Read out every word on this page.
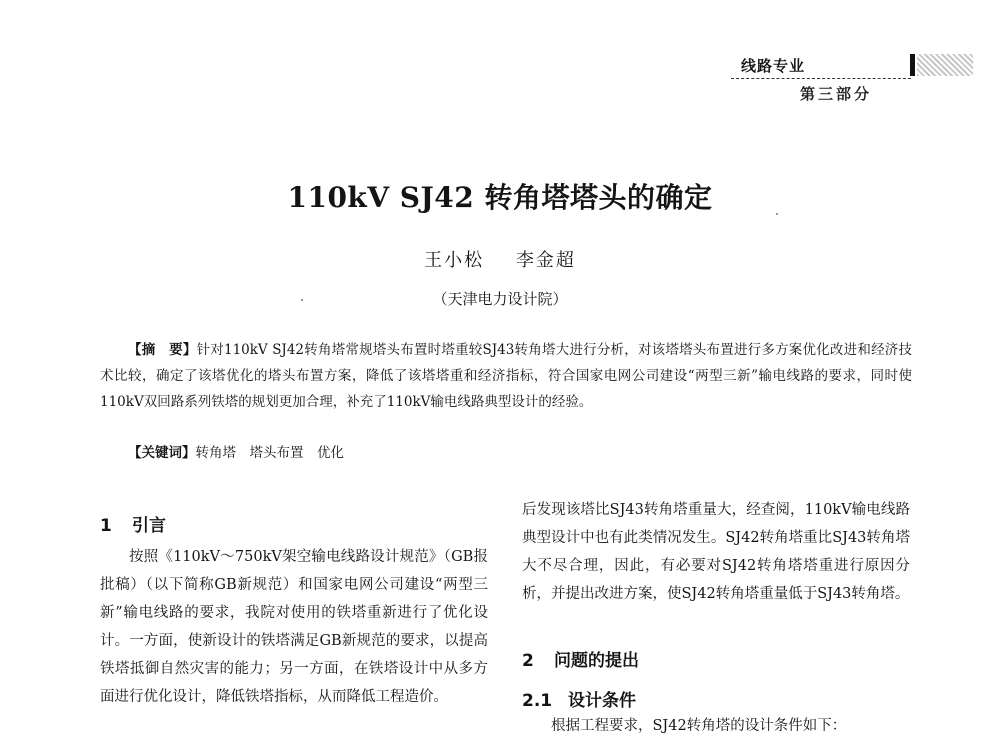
线路专业
第三部分
110kV SJ42 转角塔塔头的确定
王小松 李金超
（天津电力设计院）
【摘　要】针对110kV SJ42转角塔常规塔头布置时塔重较SJ43转角塔大进行分析，对该塔塔头布置进行多方案优化改进和经济技术比较，确定了该塔优化的塔头布置方案，降低了该塔塔重和经济指标，符合国家电网公司建设“两型三新”输电线路的要求，同时使110kV双回路系列铁塔的规划更加合理，补充了110kV输电线路典型设计的经验。
【关键词】转角塔　塔头布置　优化
1 引言
按照《110kV～750kV架空输电线路设计规范》（GB报批稿）（以下简称GB新规范）和国家电网公司建设“两型三新”输电线路的要求，我院对使用的铁塔重新进行了优化设计。一方面，使新设计的铁塔满足GB新规范的要求，以提高铁塔抵御自然灾害的能力；另一方面，在铁塔设计中从多方面进行优化设计，降低铁塔指标，从而降低工程造价。
后发现该塔比SJ43转角塔重量大，经查阅，110kV输电线路典型设计中也有此类情况发生。SJ42转角塔重比SJ43转角塔大不尽合理，因此，有必要对SJ42转角塔塔重进行原因分析，并提出改进方案，使SJ42转角塔重量低于SJ43转角塔。
2 问题的提出
2.1 设计条件
根据工程要求，SJ42转角塔的设计条件如下：
